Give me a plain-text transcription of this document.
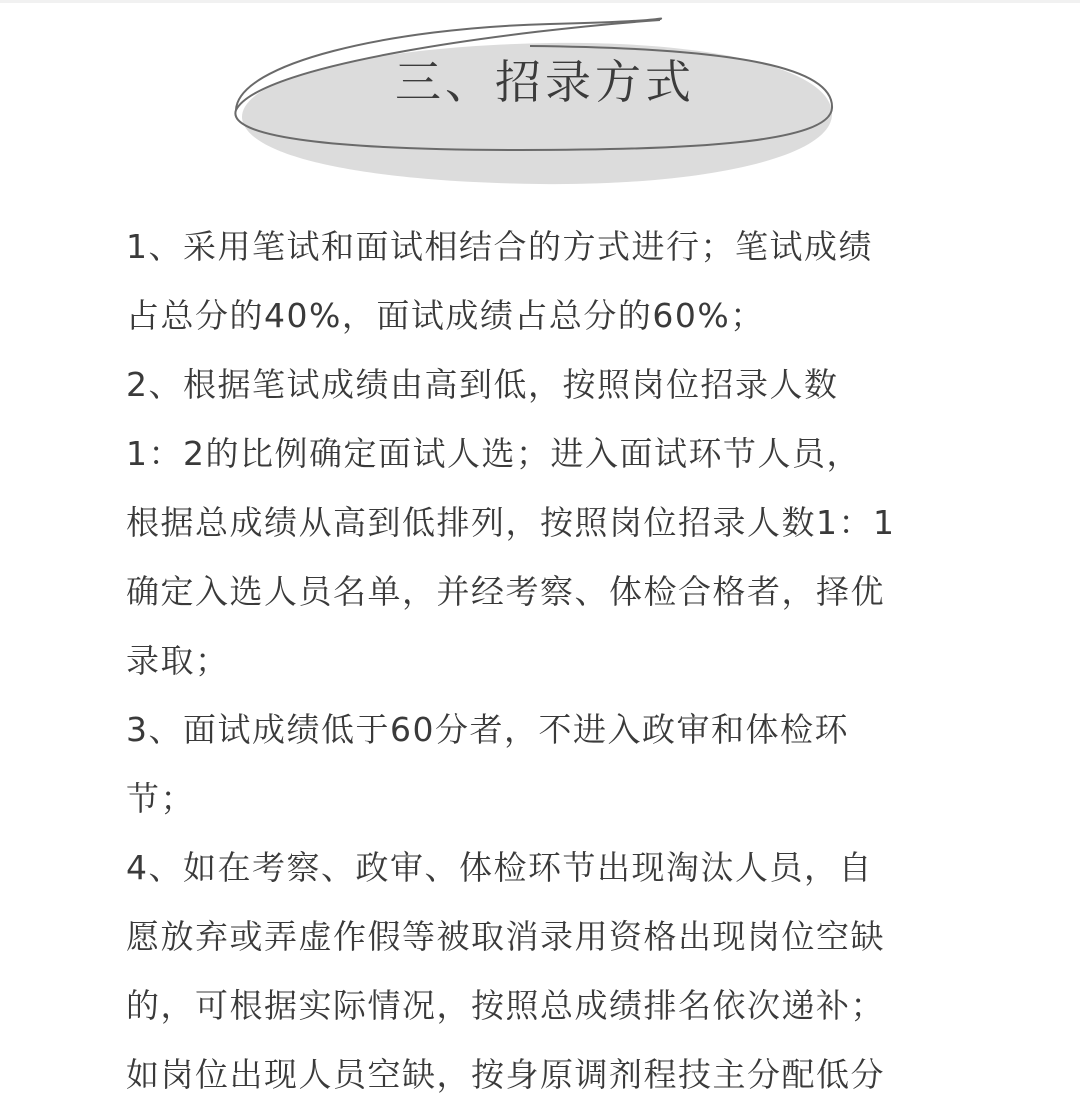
三、招录方式
1、采用笔试和面试相结合的方式进行；笔试成绩
占总分的40%，面试成绩占总分的60%；
2、根据笔试成绩由高到低，按照岗位招录人数
1：2的比例确定面试人选；进入面试环节人员，
根据总成绩从高到低排列，按照岗位招录人数1：1
确定入选人员名单，并经考察、体检合格者，择优
录取；
3、面试成绩低于60分者，不进入政审和体检环
节；
4、如在考察、政审、体检环节出现淘汰人员，自
愿放弃或弄虚作假等被取消录用资格出现岗位空缺
的，可根据实际情况，按照总成绩排名依次递补；
如岗位出现人员空缺，按身原调剂程技主分配低分
